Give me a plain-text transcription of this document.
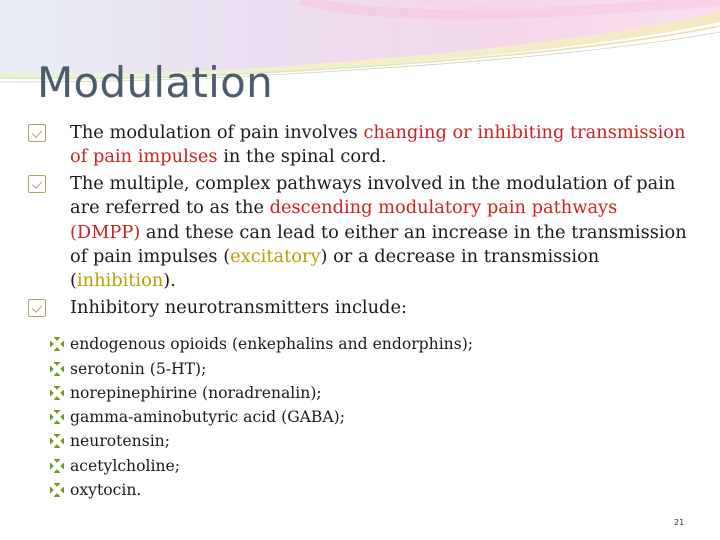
Modulation
The modulation of pain involves changing or inhibiting transmission of pain impulses in the spinal cord.
The multiple, complex pathways involved in the modulation of pain are referred to as the descending modulatory pain pathways (DMPP) and these can lead to either an increase in the transmission of pain impulses (excitatory) or a decrease in transmission (inhibition).
Inhibitory neurotransmitters include:
endogenous opioids (enkephalins and endorphins);
serotonin (5-HT);
norepinephirine (noradrenalin);
gamma-aminobutyric acid (GABA);
neurotensin;
acetylcholine;
oxytocin.
21
